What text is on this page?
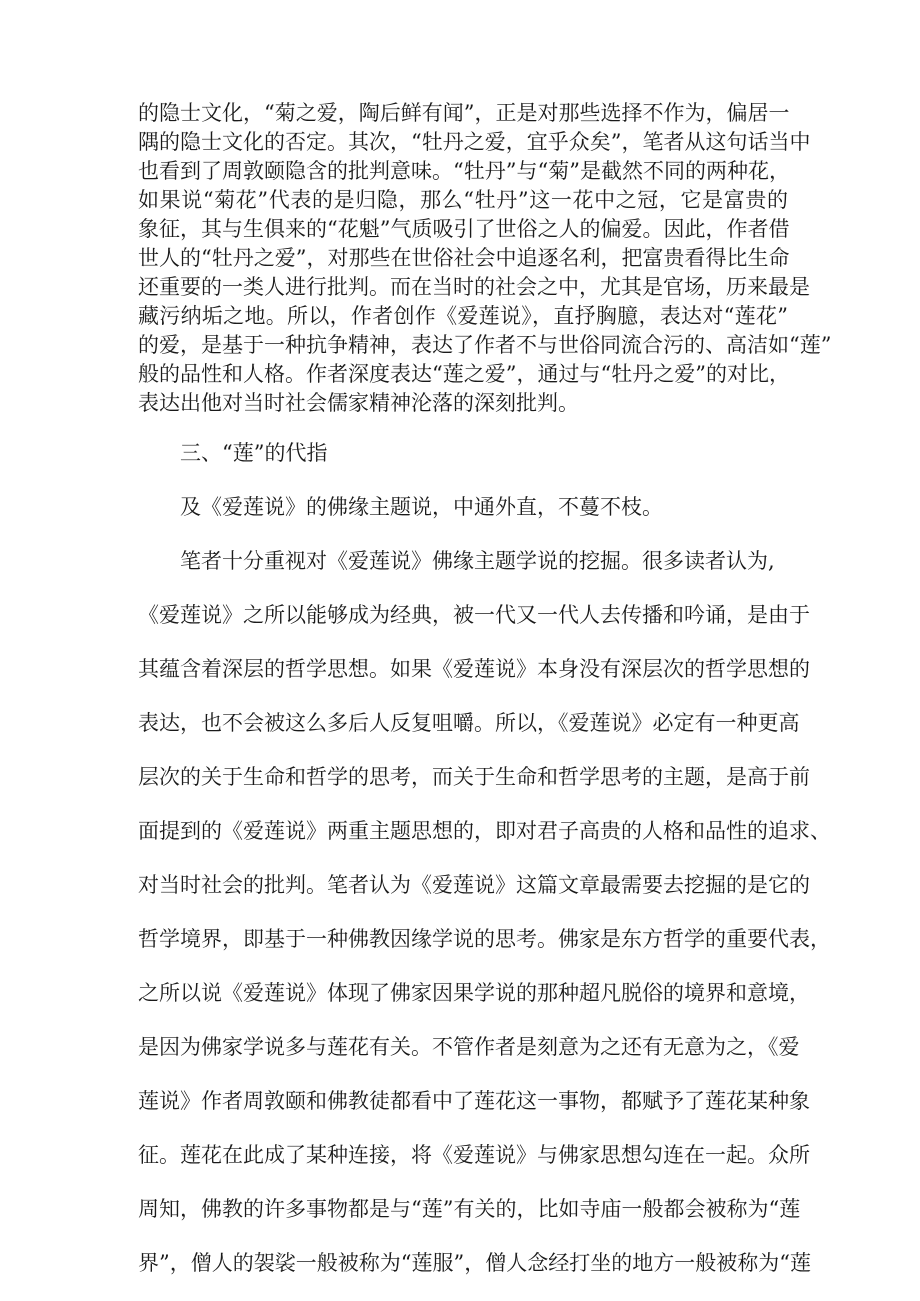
的隐士文化，“菊之爱，陶后鲜有闻”，正是对那些选择不作为，偏居一
隅的隐士文化的否定。其次，“牡丹之爱，宜乎众矣”，笔者从这句话当中
也看到了周敦颐隐含的批判意味。“牡丹”与“菊”是截然不同的两种花，
如果说“菊花”代表的是归隐，那么“牡丹”这一花中之冠，它是富贵的
象征，其与生俱来的“花魁”气质吸引了世俗之人的偏爱。因此，作者借
世人的“牡丹之爱”，对那些在世俗社会中追逐名利，把富贵看得比生命
还重要的一类人进行批判。而在当时的社会之中，尤其是官场，历来最是
藏污纳垢之地。所以，作者创作《爱莲说》，直抒胸臆，表达对“莲花”
的爱，是基于一种抗争精神，表达了作者不与世俗同流合污的、高洁如“莲”
般的品性和人格。作者深度表达“莲之爱”，通过与“牡丹之爱”的对比，
表达出他对当时社会儒家精神沦落的深刻批判。
三、“莲”的代指
及《爱莲说》的佛缘主题说，中通外直，不蔓不枝。
笔者十分重视对《爱莲说》佛缘主题学说的挖掘。很多读者认为,
《爱莲说》之所以能够成为经典，被一代又一代人去传播和吟诵，是由于
其蕴含着深层的哲学思想。如果《爱莲说》本身没有深层次的哲学思想的
表达，也不会被这么多后人反复咀嚼。所以，《爱莲说》必定有一种更高
层次的关于生命和哲学的思考，而关于生命和哲学思考的主题，是高于前
面提到的《爱莲说》两重主题思想的，即对君子高贵的人格和品性的追求、
对当时社会的批判。笔者认为《爱莲说》这篇文章最需要去挖掘的是它的
哲学境界，即基于一种佛教因缘学说的思考。佛家是东方哲学的重要代表，
之所以说《爱莲说》体现了佛家因果学说的那种超凡脱俗的境界和意境，
是因为佛家学说多与莲花有关。不管作者是刻意为之还有无意为之，《爱
莲说》作者周敦颐和佛教徒都看中了莲花这一事物，都赋予了莲花某种象
征。莲花在此成了某种连接，将《爱莲说》与佛家思想勾连在一起。众所
周知，佛教的许多事物都是与“莲”有关的，比如寺庙一般都会被称为“莲
界”，僧人的袈裟一般被称为“莲服”，僧人念经打坐的地方一般被称为“莲
